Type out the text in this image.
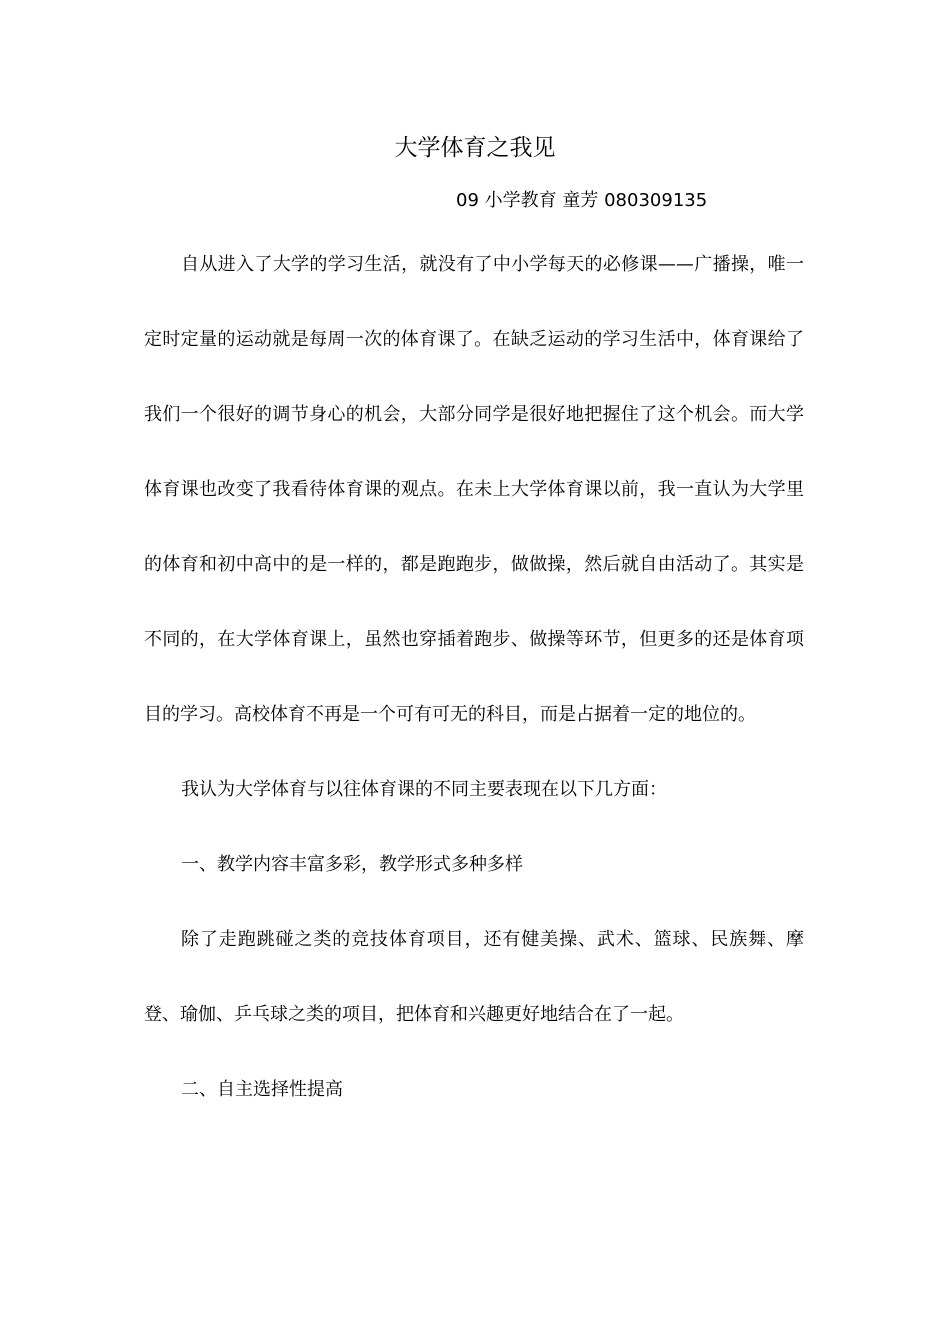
大学体育之我见
09 小学教育 童芳 080309135

自从进入了大学的学习生活，就没有了中小学每天的必修课——广播操，唯一定时定量的运动就是每周一次的体育课了。在缺乏运动的学习生活中，体育课给了我们一个很好的调节身心的机会，大部分同学是很好地把握住了这个机会。而大学体育课也改变了我看待体育课的观点。在未上大学体育课以前，我一直认为大学里的体育和初中高中的是一样的，都是跑跑步，做做操，然后就自由活动了。其实是不同的，在大学体育课上，虽然也穿插着跑步、做操等环节，但更多的还是体育项目的学习。高校体育不再是一个可有可无的科目，而是占据着一定的地位的。

我认为大学体育与以往体育课的不同主要表现在以下几方面：

一、教学内容丰富多彩，教学形式多种多样

除了走跑跳碰之类的竞技体育项目，还有健美操、武术、篮球、民族舞、摩登、瑜伽、乒乓球之类的项目，把体育和兴趣更好地结合在了一起。

二、自主选择性提高
